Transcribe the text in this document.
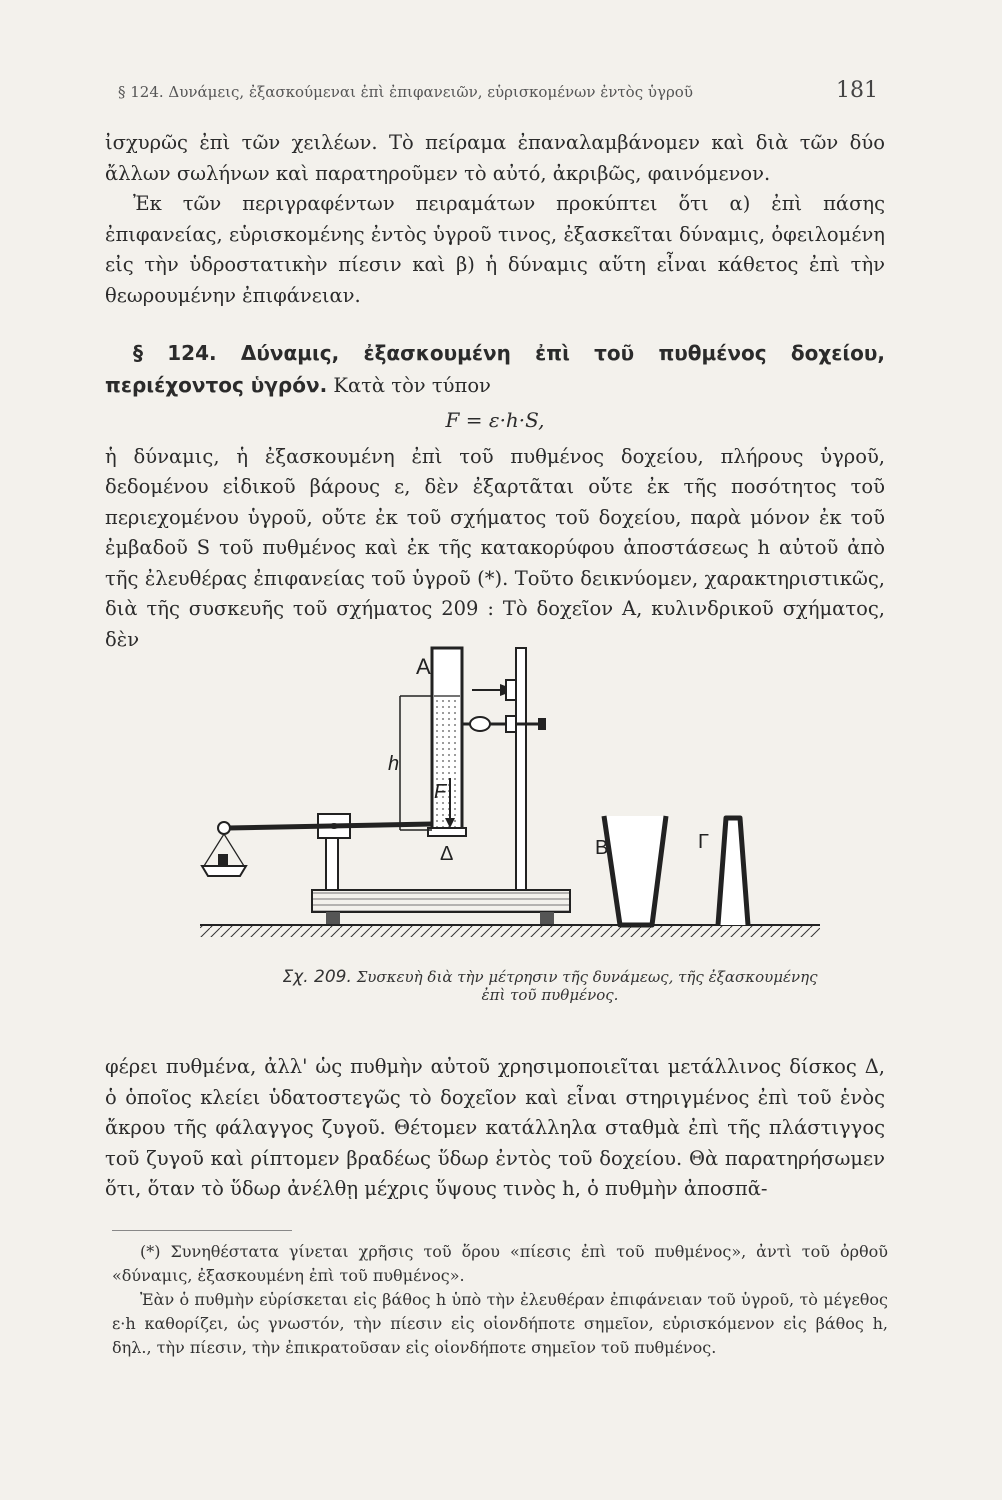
§ 124. Δυνάμεις, ἐξασκούμεναι ἐπὶ ἐπιφανειῶν, εὑρισκομένων ἐντὸς ὑγροῦ	181

ἰσχυρῶς ἐπὶ τῶν χειλέων. Τὸ πείραμα ἐπαναλαμβάνομεν καὶ διὰ τῶν δύο ἄλλων σωλήνων καὶ παρατηροῦμεν τὸ αὐτό, ἀκριβῶς, φαινόμενον.

Ἐκ τῶν περιγραφέντων πειραμάτων προκύπτει ὅτι α) ἐπὶ πάσης ἐπιφανείας, εὑρισκομένης ἐντὸς ὑγροῦ τινος, ἐξασκεῖται δύναμις, ὀφειλομένη εἰς τὴν ὑδροστατικὴν πίεσιν καὶ β) ἡ δύναμις αὕτη εἶναι κάθετος ἐπὶ τὴν θεωρουμένην ἐπιφάνειαν.

§ 124. Δύναμις, ἐξασκουμένη ἐπὶ τοῦ πυθμένος δοχείου, περιέχοντος ὑγρόν. Κατὰ τὸν τύπον

F = ε·h·S,

ἡ δύναμις, ἡ ἐξασκουμένη ἐπὶ τοῦ πυθμένος δοχείου, πλήρους ὑγροῦ, δεδομένου εἰδικοῦ βάρους ε, δὲν ἐξαρτᾶται οὔτε ἐκ τῆς ποσότητος τοῦ περιεχομένου ὑγροῦ, οὔτε ἐκ τοῦ σχήματος τοῦ δοχείου, παρὰ μόνον ἐκ τοῦ ἐμβαδοῦ S τοῦ πυθμένος καὶ ἐκ τῆς κατακορύφου ἀποστάσεως h αὐτοῦ ἀπὸ τῆς ἐλευθέρας ἐπιφανείας τοῦ ὑγροῦ (*). Τοῦτο δεικνύομεν, χαρακτηριστικῶς, διὰ τῆς συσκευῆς τοῦ σχήματος 209 : Τὸ δοχεῖον Α, κυλινδρικοῦ σχήματος, δὲν

Α
h
F
Δ	Β	Γ
Σχ. 209. Συσκευὴ διὰ τὴν μέτρησιν τῆς δυνάμεως, τῆς ἐξασκουμένης ἐπὶ τοῦ πυθμένος.

φέρει πυθμένα, ἀλλ' ὡς πυθμὴν αὐτοῦ χρησιμοποιεῖται μετάλλινος δίσκος Δ, ὁ ὁποῖος κλείει ὑδατοστεγῶς τὸ δοχεῖον καὶ εἶναι στηριγμένος ἐπὶ τοῦ ἑνὸς ἄκρου τῆς φάλαγγος ζυγοῦ. Θέτομεν κατάλληλα σταθμὰ ἐπὶ τῆς πλάστιγγος τοῦ ζυγοῦ καὶ ρίπτομεν βραδέως ὕδωρ ἐντὸς τοῦ δοχείου. Θὰ παρατηρήσωμεν ὅτι, ὅταν τὸ ὕδωρ ἀνέλθῃ μέχρις ὕψους τινὸς h, ὁ πυθμὴν ἀποσπᾶ-

(*) Συνηθέστατα γίνεται χρῆσις τοῦ ὅρου «πίεσις ἐπὶ τοῦ πυθμένος», ἀντὶ τοῦ ὀρθοῦ «δύναμις, ἐξασκουμένη ἐπὶ τοῦ πυθμένος».

Ἐὰν ὁ πυθμὴν εὑρίσκεται εἰς βάθος h ὑπὸ τὴν ἐλευθέραν ἐπιφάνειαν τοῦ ὑγροῦ, τὸ μέγεθος ε·h καθορίζει, ὡς γνωστόν, τὴν πίεσιν εἰς οἱονδήποτε σημεῖον, εὑρισκόμενον εἰς βάθος h, δηλ., τὴν πίεσιν, τὴν ἐπικρατοῦσαν εἰς οἱονδήποτε σημεῖον τοῦ πυθμένος.
